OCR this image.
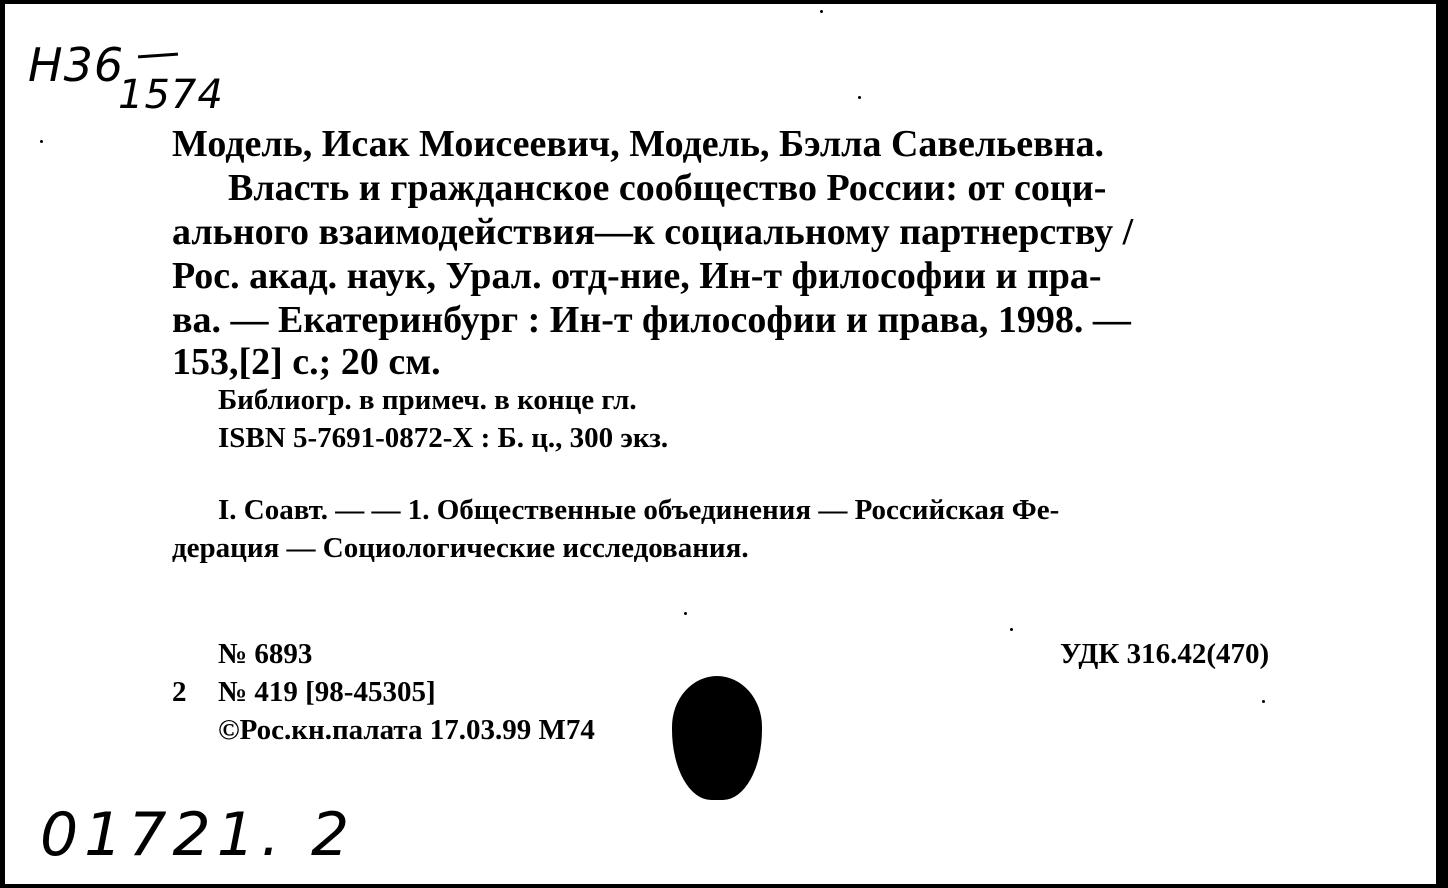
Н36
1574
Модель, Исак Моисеевич, Модель, Бэлла Савельевна.
Власть и гражданское сообщество России: от соци-
ального взаимодействия—к социальному партнерству /
Рос. акад. наук, Урал. отд-ние, Ин-т философии и пра-
ва. — Екатеринбург : Ин-т философии и права, 1998. —
153,[2] с.; 20 см.
Библиогр. в примеч. в конце гл.
ISBN 5-7691-0872-X : Б. ц., 300 экз.
I. Соавт. — — 1. Общественные объединения — Российская Фе-
дерация — Социологические исследования.
№ 6893	УДК 316.42(470)
2 № 419 [98-45305]
©Рос.кн.палата 17.03.99 М74
01721. 2
